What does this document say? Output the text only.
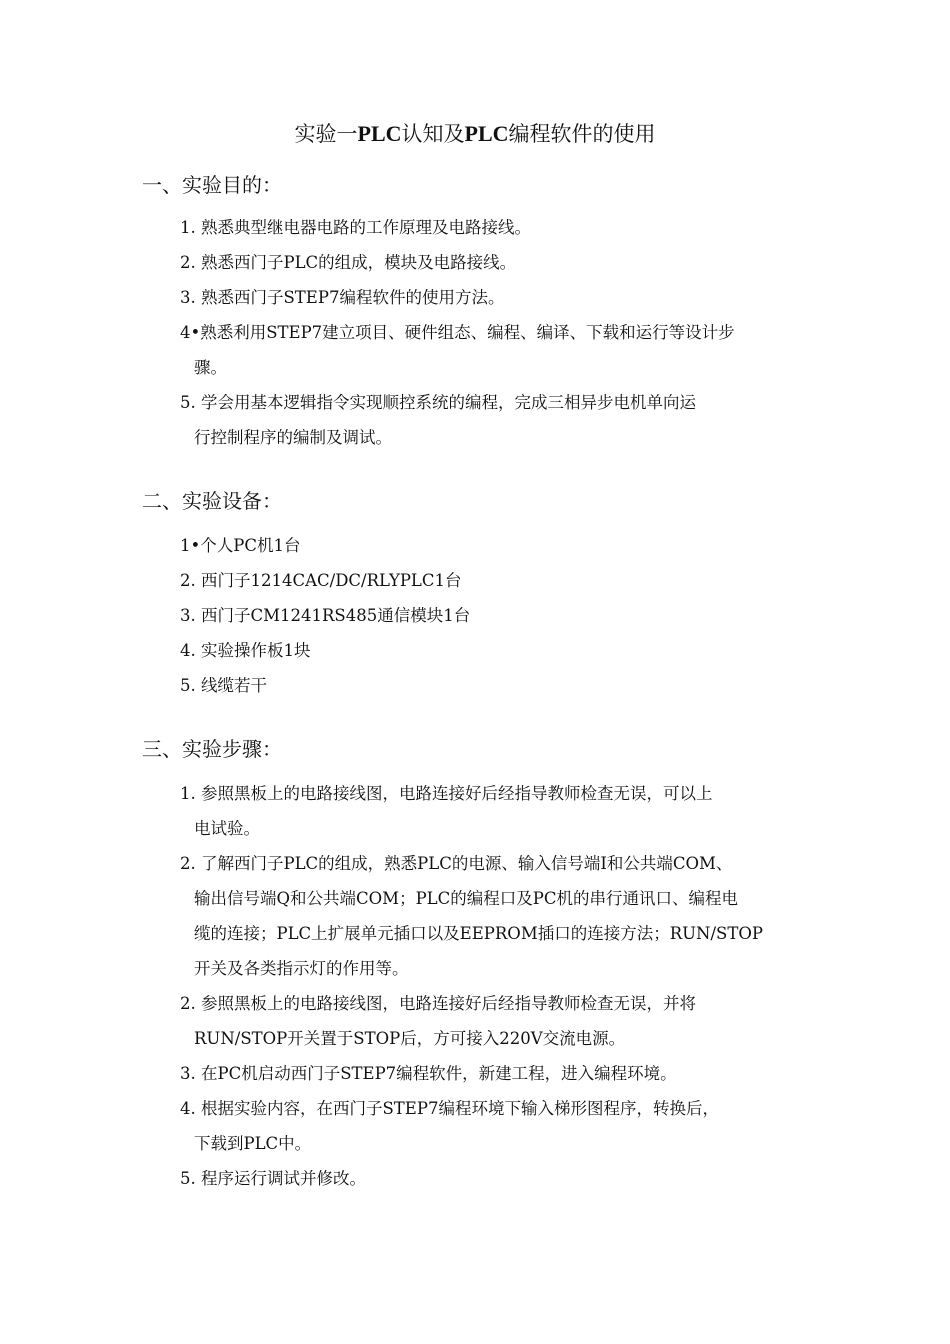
实验一PLC认知及PLC编程软件的使用
一、实验目的：
1. 熟悉典型继电器电路的工作原理及电路接线。
2. 熟悉西门子PLC的组成，模块及电路接线。
3. 熟悉西门子STEP7编程软件的使用方法。
4•熟悉利用STEP7建立项目、硬件组态、编程、编译、下载和运行等设计步
骤。
5. 学会用基本逻辑指令实现顺控系统的编程，完成三相异步电机单向运
行控制程序的编制及调试。
二、实验设备：
1•个人PC机1台
2. 西门子1214CAC/DC/RLYPLC1台
3. 西门子CM1241RS485通信模块1台
4. 实验操作板1块
5. 线缆若干
三、实验步骤：
1. 参照黑板上的电路接线图，电路连接好后经指导教师检查无误，可以上
电试验。
2. 了解西门子PLC的组成，熟悉PLC的电源、输入信号端I和公共端COM、
输出信号端Q和公共端COM；PLC的编程口及PC机的串行通讯口、编程电
缆的连接；PLC上扩展单元插口以及EEPROM插口的连接方法；RUN/STOP
开关及各类指示灯的作用等。
2. 参照黑板上的电路接线图，电路连接好后经指导教师检查无误，并将
RUN/STOP开关置于STOP后，方可接入220V交流电源。
3. 在PC机启动西门子STEP7编程软件，新建工程，进入编程环境。
4. 根据实验内容，在西门子STEP7编程环境下输入梯形图程序，转换后，
下载到PLC中。
5. 程序运行调试并修改。
